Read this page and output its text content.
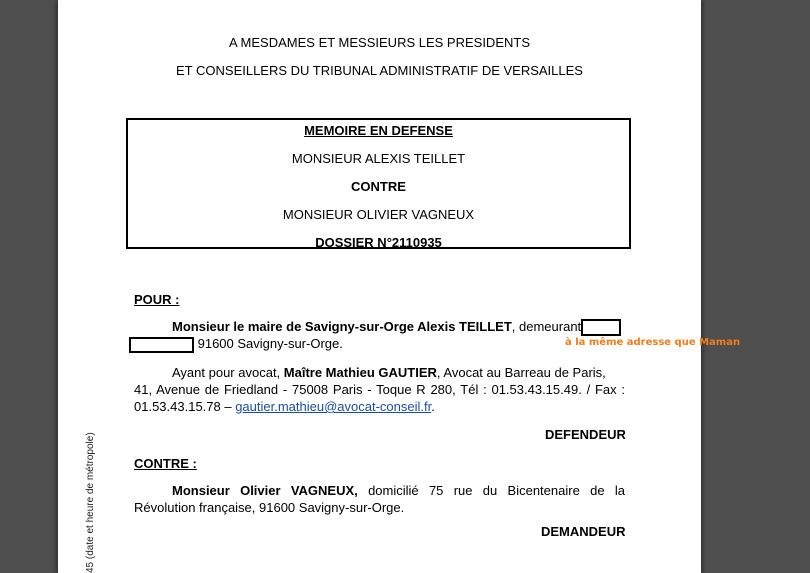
A MESDAMES ET MESSIEURS LES PRESIDENTS
ET CONSEILLERS DU TRIBUNAL ADMINISTRATIF DE VERSAILLES
MEMOIRE EN DEFENSE
MONSIEUR ALEXIS TEILLET
CONTRE
MONSIEUR OLIVIER VAGNEUX
DOSSIER N°2110935
POUR :
Monsieur le maire de Savigny-sur-Orge Alexis TEILLET, demeurant
91600 Savigny-sur-Orge.
Ayant pour avocat, Maître Mathieu GAUTIER, Avocat au Barreau de Paris,
41, Avenue de Friedland - 75008 Paris - Toque R 280, Tél : 01.53.43.15.49. / Fax :
01.53.43.15.78 – gautier.mathieu@avocat-conseil.fr.
DEFENDEUR
CONTRE :
Monsieur Olivier VAGNEUX, domicilié 75 rue du Bicentenaire de la
Révolution française, 91600 Savigny-sur-Orge.
DEMANDEUR
à la même adresse que Maman
45 (date et heure de métropole)
